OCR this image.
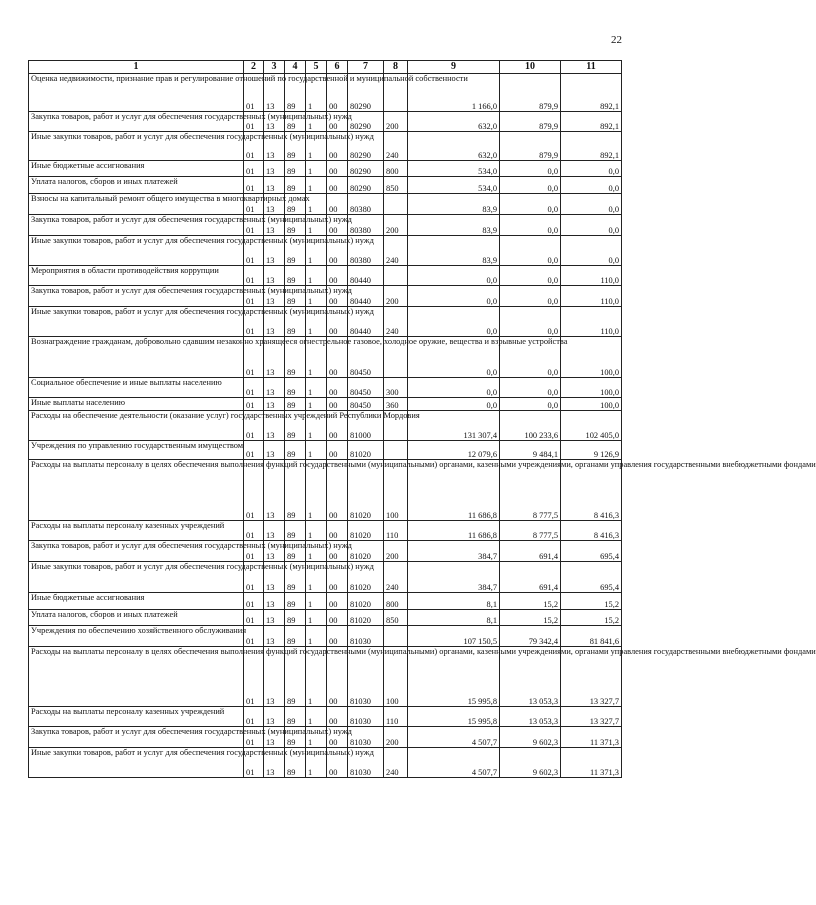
22
1	2	3	4	5	6	7	8	9	10	11
Оценка недвижимости, признание прав и регулирование отношений по государственной и муниципальной собственности	01	13	89	1	00	80290		1 166,0	879,9	892,1
Закупка товаров, работ и услуг для обеспечения государственных (муниципальных) нужд	01	13	89	1	00	80290	200	632,0	879,9	892,1
Иные закупки товаров, работ и услуг для обеспечения государственных (муниципальных) нужд	01	13	89	1	00	80290	240	632,0	879,9	892,1
Иные бюджетные ассигнования	01	13	89	1	00	80290	800	534,0	0,0	0,0
Уплата налогов, сборов и иных платежей	01	13	89	1	00	80290	850	534,0	0,0	0,0
Взносы на капитальный ремонт общего имущества в многоквартирных домах	01	13	89	1	00	80380		83,9	0,0	0,0
Закупка товаров, работ и услуг для обеспечения государственных (муниципальных) нужд	01	13	89	1	00	80380	200	83,9	0,0	0,0
Иные закупки товаров, работ и услуг для обеспечения государственных (муниципальных) нужд	01	13	89	1	00	80380	240	83,9	0,0	0,0
Мероприятия в области противодействия коррупции	01	13	89	1	00	80440		0,0	0,0	110,0
Закупка товаров, работ и услуг для обеспечения государственных (муниципальных) нужд	01	13	89	1	00	80440	200	0,0	0,0	110,0
Иные закупки товаров, работ и услуг для обеспечения государственных (муниципальных) нужд	01	13	89	1	00	80440	240	0,0	0,0	110,0
Вознаграждение гражданам, добровольно сдавшим незаконно хранящееся огнестрельное газовое, холодное оружие, вещества и взрывные устройства	01	13	89	1	00	80450		0,0	0,0	100,0
Социальное обеспечение и иные выплаты населению	01	13	89	1	00	80450	300	0,0	0,0	100,0
Иные выплаты населению	01	13	89	1	00	80450	360	0,0	0,0	100,0
Расходы на обеспечение деятельности (оказание услуг) государственных учреждений Республики Мордовия	01	13	89	1	00	81000		131 307,4	100 233,6	102 405,0
Учреждения по управлению государственным имуществом	01	13	89	1	00	81020		12 079,6	9 484,1	9 126,9
Расходы на выплаты персоналу в целях обеспечения выполнения функций государственными (муниципальными) органами, казенными учреждениями, органами управления государственными внебюджетными фондами	01	13	89	1	00	81020	100	11 686,8	8 777,5	8 416,3
Расходы на выплаты персоналу казенных учреждений	01	13	89	1	00	81020	110	11 686,8	8 777,5	8 416,3
Закупка товаров, работ и услуг для обеспечения государственных (муниципальных) нужд	01	13	89	1	00	81020	200	384,7	691,4	695,4
Иные закупки товаров, работ и услуг для обеспечения государственных (муниципальных) нужд	01	13	89	1	00	81020	240	384,7	691,4	695,4
Иные бюджетные ассигнования	01	13	89	1	00	81020	800	8,1	15,2	15,2
Уплата налогов, сборов и иных платежей	01	13	89	1	00	81020	850	8,1	15,2	15,2
Учреждения по обеспечению хозяйственного обслуживания	01	13	89	1	00	81030		107 150,5	79 342,4	81 841,6
Расходы на выплаты персоналу в целях обеспечения выполнения функций государственными (муниципальными) органами, казенными учреждениями, органами управления государственными внебюджетными фондами	01	13	89	1	00	81030	100	15 995,8	13 053,3	13 327,7
Расходы на выплаты персоналу казенных учреждений	01	13	89	1	00	81030	110	15 995,8	13 053,3	13 327,7
Закупка товаров, работ и услуг для обеспечения государственных (муниципальных) нужд	01	13	89	1	00	81030	200	4 507,7	9 602,3	11 371,3
Иные закупки товаров, работ и услуг для обеспечения государственных (муниципальных) нужд	01	13	89	1	00	81030	240	4 507,7	9 602,3	11 371,3
